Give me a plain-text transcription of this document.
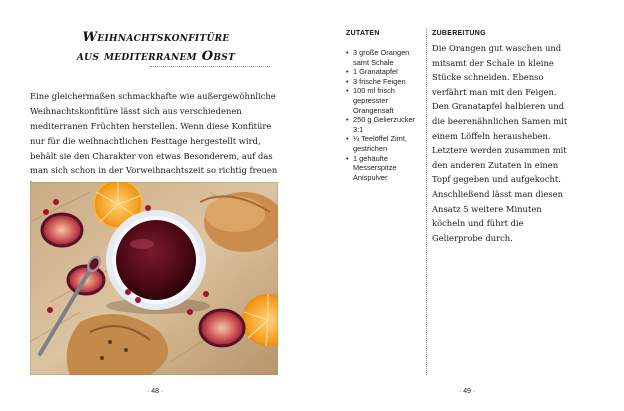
Weihnachtskonfitüre
aus mediterranem Obst

Eine gleichermaßen schmackhafte wie außergewöhnliche Weihnachtskonfitüre lässt sich aus verschiedenen mediterranen Früchten herstellen. Wenn diese Konfitüre nur für die weihnachtlichen Festtage hergestellt wird, behält sie den Charakter von etwas Besonderem, auf das man sich schon in der Vorweihnachtszeit so richtig freuen

· 48 ·
ZUTATEN
• 3 große Orangen samt Schale
• 1 Granatapfel
• 3 frische Feigen
• 100 ml frisch gepresster Orangensaft
• 250 g Gelierzucker 3:1
• ¼ Teelöffel Zimt, gestrichen
• 1 gehäufte Messerspitze Anispulver
ZUBEREITUNG

Die Orangen gut waschen und mitsamt der Schale in kleine Stücke schneiden. Ebenso verfährt man mit den Feigen. Den Granatapfel halbieren und die beerenähnlichen Samen mit einem Löffeln herausheben. Letztere werden zusammen mit den anderen Zutaten in einen Topf gegeben und aufgekocht. Anschließend lässt man diesen Ansatz 5 weitere Minuten köcheln und führt die Gelierprobe durch.

· 49 ·
